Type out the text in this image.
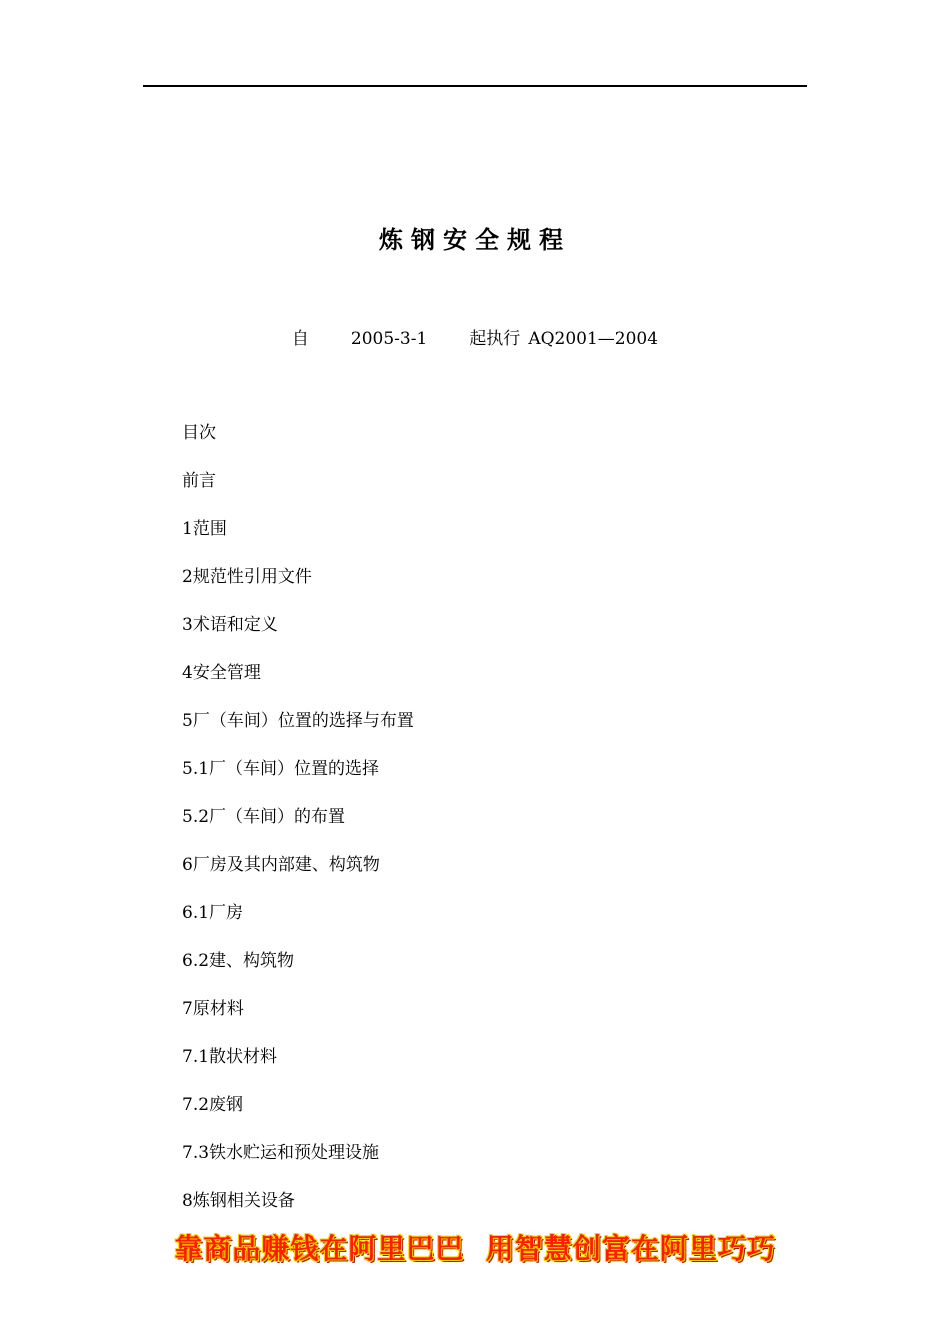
炼钢安全规程
自 2005-3-1 起执行 AQ2001—2004
目次
前言
1范围
2规范性引用文件
3术语和定义
4安全管理
5厂（车间）位置的选择与布置
5.1厂（车间）位置的选择
5.2厂（车间）的布置
6厂房及其内部建、构筑物
6.1厂房
6.2建、构筑物
7原材料
7.1散状材料
7.2废钢
7.3铁水贮运和预处理设施
8炼钢相关设备
靠商品赚钱在阿里巴巴  用智慧创富在阿里巧巧
